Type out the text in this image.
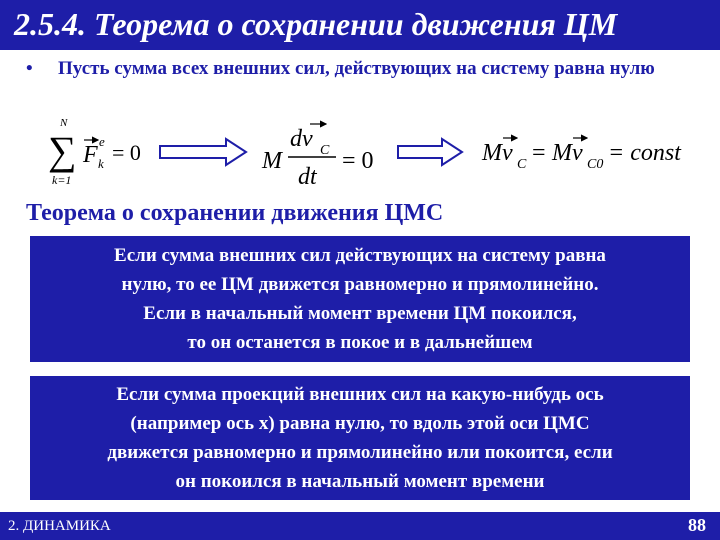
2.5.4. Теорема о сохранении движения ЦМ
• Пусть сумма всех внешних сил, действующих на систему равна нулю
N
∑
k=1
F
e
k = 0	M
dv C
dt
= 0	Mv C = Mv C0 = const
Теорема о сохранении движения ЦМС
Если сумма внешних сил действующих на систему равна
нулю, то ее ЦМ движется равномерно и прямолинейно.
Если в начальный момент времени ЦМ покоился,
то он останется в покое и в дальнейшем
Если сумма проекций внешних сил на какую-нибудь ось
(например ось x) равна нулю, то вдоль этой оси ЦМС
движется равномерно и прямолинейно или покоится, если
он покоился в начальный момент времени
2. ДИНАМИКА	88
